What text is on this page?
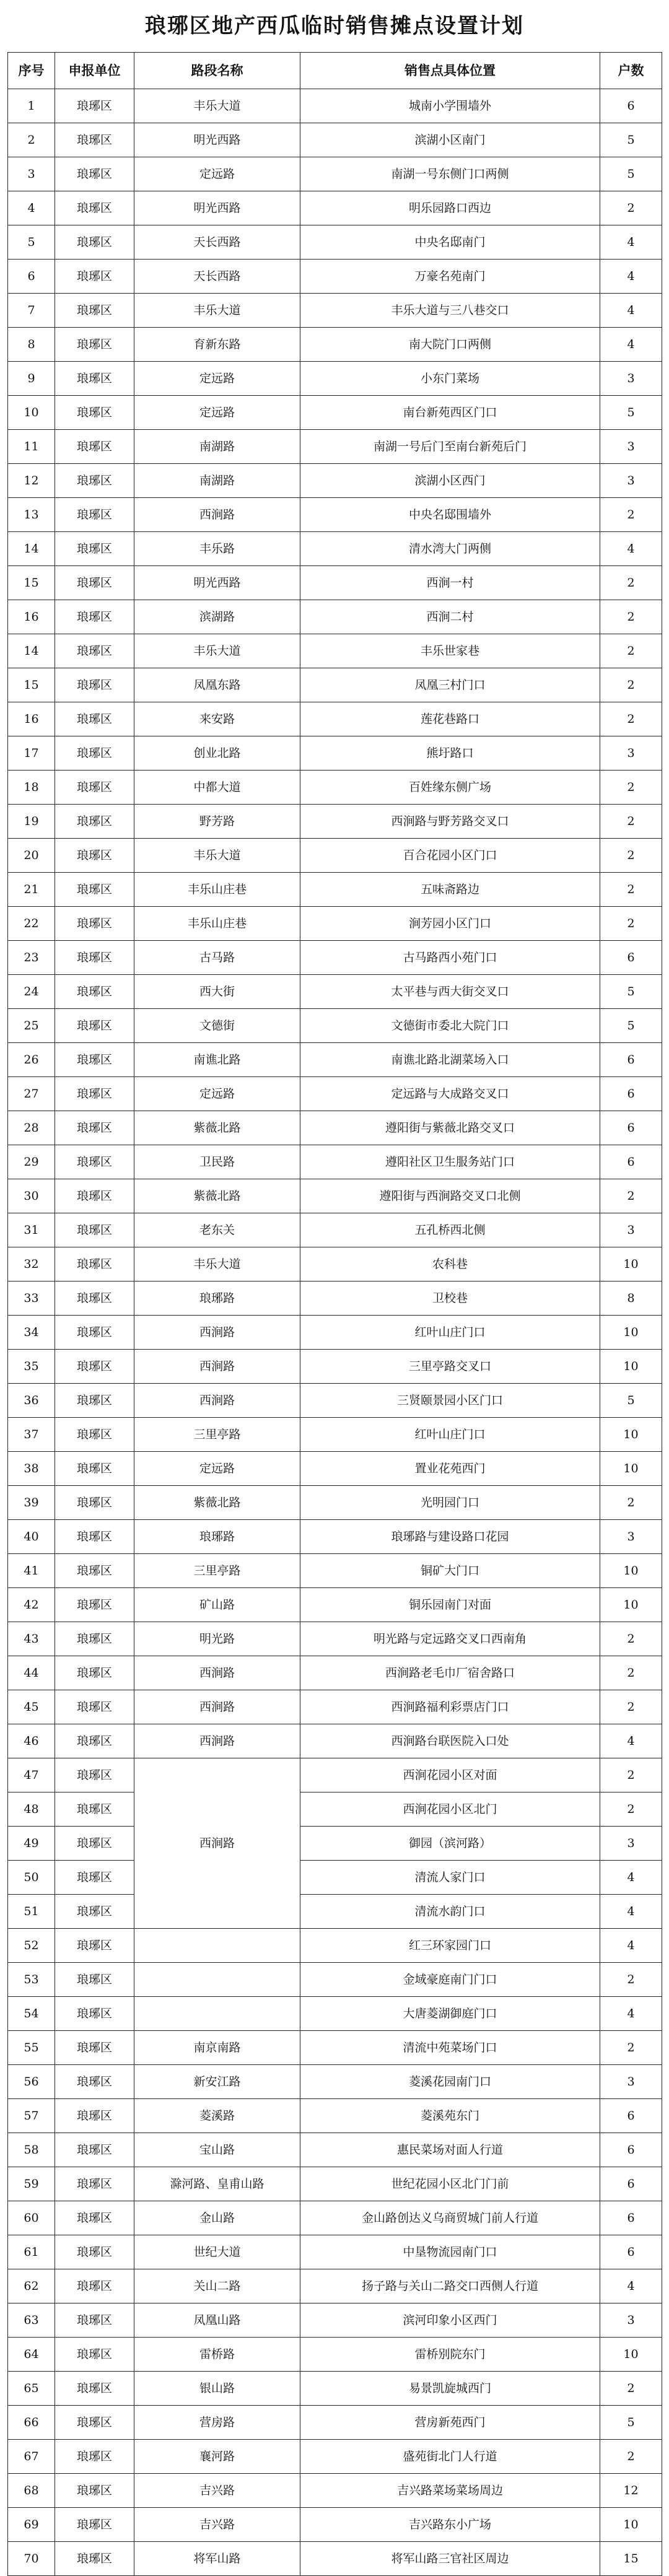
琅琊区地产西瓜临时销售摊点设置计划
序号	申报单位	路段名称	销售点具体位置	户数
1	琅琊区	丰乐大道	城南小学围墙外	6
2	琅琊区	明光西路	滨湖小区南门	5
3	琅琊区	定远路	南湖一号东侧门口两侧	5
4	琅琊区	明光西路	明乐园路口西边	2
5	琅琊区	天长西路	中央名邸南门	4
6	琅琊区	天长西路	万豪名苑南门	4
7	琅琊区	丰乐大道	丰乐大道与三八巷交口	4
8	琅琊区	育新东路	南大院门口两侧	4
9	琅琊区	定远路	小东门菜场	3
10	琅琊区	定远路	南台新苑西区门口	5
11	琅琊区	南湖路	南湖一号后门至南台新苑后门	3
12	琅琊区	南湖路	滨湖小区西门	3
13	琅琊区	西涧路	中央名邸围墙外	2
14	琅琊区	丰乐路	清水湾大门两侧	4
15	琅琊区	明光西路	西涧一村	2
16	琅琊区	滨湖路	西涧二村	2
14	琅琊区	丰乐大道	丰乐世家巷	2
15	琅琊区	凤凰东路	凤凰三村门口	2
16	琅琊区	来安路	莲花巷路口	2
17	琅琊区	创业北路	熊圩路口	3
18	琅琊区	中都大道	百姓缘东侧广场	2
19	琅琊区	野芳路	西涧路与野芳路交叉口	2
20	琅琊区	丰乐大道	百合花园小区门口	2
21	琅琊区	丰乐山庄巷	五味斋路边	2
22	琅琊区	丰乐山庄巷	涧芳园小区门口	2
23	琅琊区	古马路	古马路西小苑门口	6
24	琅琊区	西大街	太平巷与西大街交叉口	5
25	琅琊区	文德街	文德街市委北大院门口	5
26	琅琊区	南谯北路	南谯北路北湖菜场入口	6
27	琅琊区	定远路	定远路与大成路交叉口	6
28	琅琊区	紫薇北路	遵阳街与紫薇北路交叉口	6
29	琅琊区	卫民路	遵阳社区卫生服务站门口	6
30	琅琊区	紫薇北路	遵阳街与西涧路交叉口北侧	2
31	琅琊区	老东关	五孔桥西北侧	3
32	琅琊区	丰乐大道	农科巷	10
33	琅琊区	琅琊路	卫校巷	8
34	琅琊区	西涧路	红叶山庄门口	10
35	琅琊区	西涧路	三里亭路交叉口	10
36	琅琊区	西涧路	三贤颐景园小区门口	5
37	琅琊区	三里亭路	红叶山庄门口	10
38	琅琊区	定远路	置业花苑西门	10
39	琅琊区	紫薇北路	光明园门口	2
40	琅琊区	琅琊路	琅琊路与建设路口花园	3
41	琅琊区	三里亭路	铜矿大门口	10
42	琅琊区	矿山路	铜乐园南门对面	10
43	琅琊区	明光路	明光路与定远路交叉口西南角	2
44	琅琊区	西涧路	西涧路老毛巾厂宿舍路口	2
45	琅琊区	西涧路	西涧路福利彩票店门口	2
46	琅琊区	西涧路	西涧路台联医院入口处	4
47	琅琊区	西涧路	西涧花园小区对面	2
48	琅琊区		西涧花园小区北门	2
49	琅琊区		御园（滨河路）	3
50	琅琊区		清流人家门口	4
51	琅琊区		清流水韵门口	4
52	琅琊区		红三环家园门口	4
53	琅琊区		金域豪庭南门门口	2
54	琅琊区		大唐菱湖御庭门口	4
55	琅琊区	南京南路	清流中苑菜场门口	2
56	琅琊区	新安江路	菱溪花园南门口	3
57	琅琊区	菱溪路	菱溪苑东门	6
58	琅琊区	宝山路	惠民菜场对面人行道	6
59	琅琊区	滁河路、皇甫山路	世纪花园小区北门门前	6
60	琅琊区	金山路	金山路创达义乌商贸城门前人行道	6
61	琅琊区	世纪大道	中垦物流园南门口	6
62	琅琊区	关山二路	扬子路与关山二路交口西侧人行道	4
63	琅琊区	凤凰山路	滨河印象小区西门	3
64	琅琊区	雷桥路	雷桥别院东门	10
65	琅琊区	银山路	易景凯旋城西门	2
66	琅琊区	营房路	营房新苑西门	5
67	琅琊区	襄河路	盛苑街北门人行道	2
68	琅琊区	吉兴路	吉兴路菜场菜场周边	12
69	琅琊区	吉兴路	吉兴路东小广场	10
70	琅琊区	将军山路	将军山路三官社区周边	15
